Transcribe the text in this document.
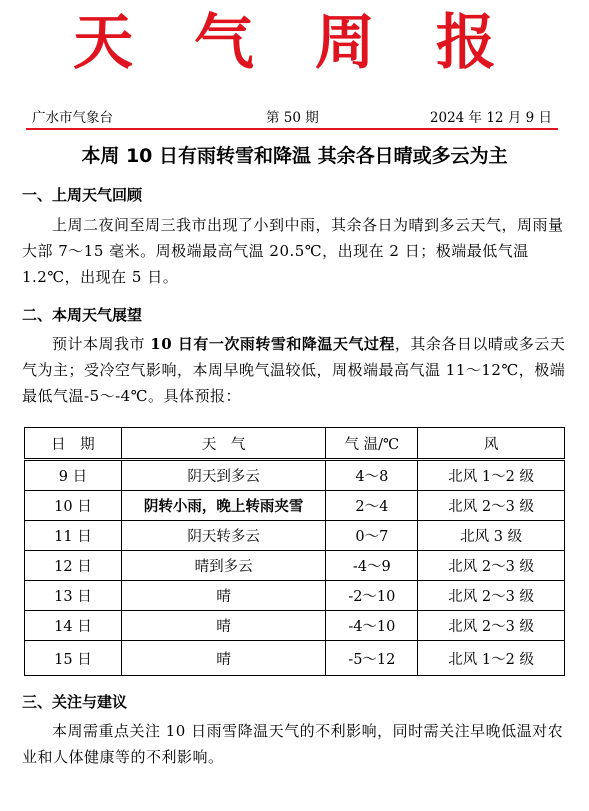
天 气 周 报
广水市气象台	第 50 期	2024 年 12 月 9 日
本周 10 日有雨转雪和降温 其余各日晴或多云为主
一、上周天气回顾

上周二夜间至周三我市出现了小到中雨，其余各日为晴到多云天气，周雨量大部 7～15 毫米。周极端最高气温 20.5℃，出现在 2 日；极端最低气温 1.2℃，出现在 5 日。

二、本周天气展望

预计本周我市 10 日有一次雨转雪和降温天气过程，其余各日以晴或多云天气为主；受冷空气影响，本周早晚气温较低，周极端最高气温 11～12℃，极端最低气温-5～-4℃。具体预报：

日　期	天　气	气 温/℃	风
9 日	阴天到多云	4～8	北风 1～2 级
10 日	阴转小雨，晚上转雨夹雪	2～4	北风 2～3 级
11 日	阴天转多云	0～7	北风 3 级
12 日	晴到多云	-4～9	北风 2～3 级
13 日	晴	-2～10	北风 2～3 级
14 日	晴	-4～10	北风 2～3 级
15 日	晴	-5～12	北风 1～2 级
三、关注与建议

本周需重点关注 10 日雨雪降温天气的不利影响，同时需关注早晚低温对农业和人体健康等的不利影响。
